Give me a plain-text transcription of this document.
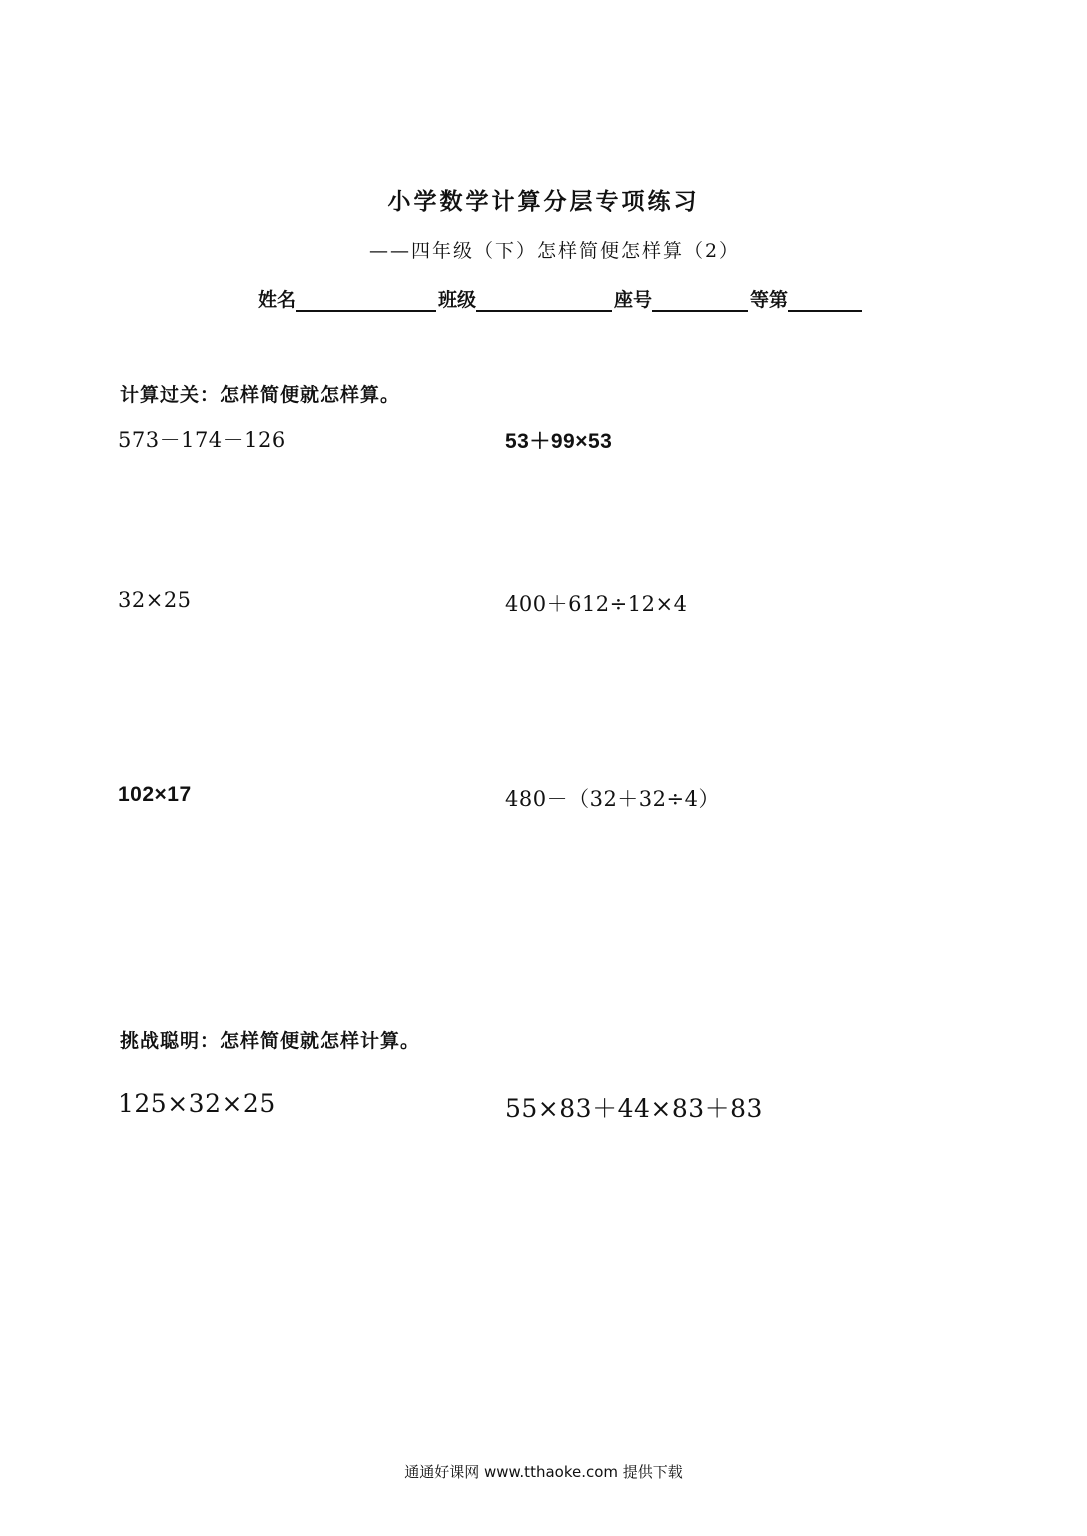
小学数学计算分层专项练习
——四年级（下）怎样简便怎样算（2）
姓名	班级	座号	等第
计算过关：怎样简便就怎样算。
573－174－126	53＋99×53
32×25	400＋612÷12×4
102×17	480－（32＋32÷4）
挑战聪明：怎样简便就怎样计算。
125×32×25	55×83＋44×83＋83
通通好课网 www.tthaoke.com 提供下载
